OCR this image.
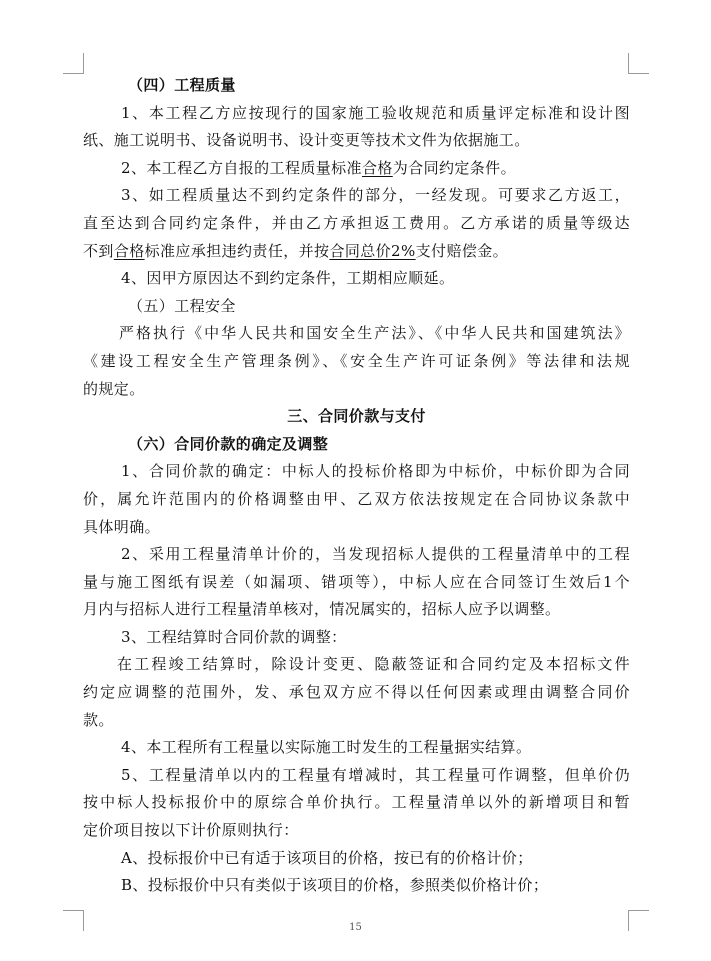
（四）工程质量
1、本工程乙方应按现行的国家施工验收规范和质量评定标准和设计图
纸、施工说明书、设备说明书、设计变更等技术文件为依据施工。
2、本工程乙方自报的工程质量标准合格为合同约定条件。
3、如工程质量达不到约定条件的部分，一经发现。可要求乙方返工，
直至达到合同约定条件，并由乙方承担返工费用。乙方承诺的质量等级达
不到合格标准应承担违约责任，并按合同总价2%支付赔偿金。
4、因甲方原因达不到约定条件，工期相应顺延。
（五）工程安全
严格执行《中华人民共和国安全生产法》、《中华人民共和国建筑法》
《建设工程安全生产管理条例》、《安全生产许可证条例》等法律和法规
的规定。
三、合同价款与支付
（六）合同价款的确定及调整
1、合同价款的确定：中标人的投标价格即为中标价，中标价即为合同
价，属允许范围内的价格调整由甲、乙双方依法按规定在合同协议条款中
具体明确。
2、采用工程量清单计价的，当发现招标人提供的工程量清单中的工程
量与施工图纸有误差（如漏项、错项等），中标人应在合同签订生效后1个
月内与招标人进行工程量清单核对，情况属实的，招标人应予以调整。
3、工程结算时合同价款的调整：
在工程竣工结算时，除设计变更、隐蔽签证和合同约定及本招标文件
约定应调整的范围外，发、承包双方应不得以任何因素或理由调整合同价
款。
4、本工程所有工程量以实际施工时发生的工程量据实结算。
5、工程量清单以内的工程量有增减时，其工程量可作调整，但单价仍
按中标人投标报价中的原综合单价执行。工程量清单以外的新增项目和暂
定价项目按以下计价原则执行：
A、投标报价中已有适于该项目的价格，按已有的价格计价；
B、投标报价中只有类似于该项目的价格，参照类似价格计价；
15
